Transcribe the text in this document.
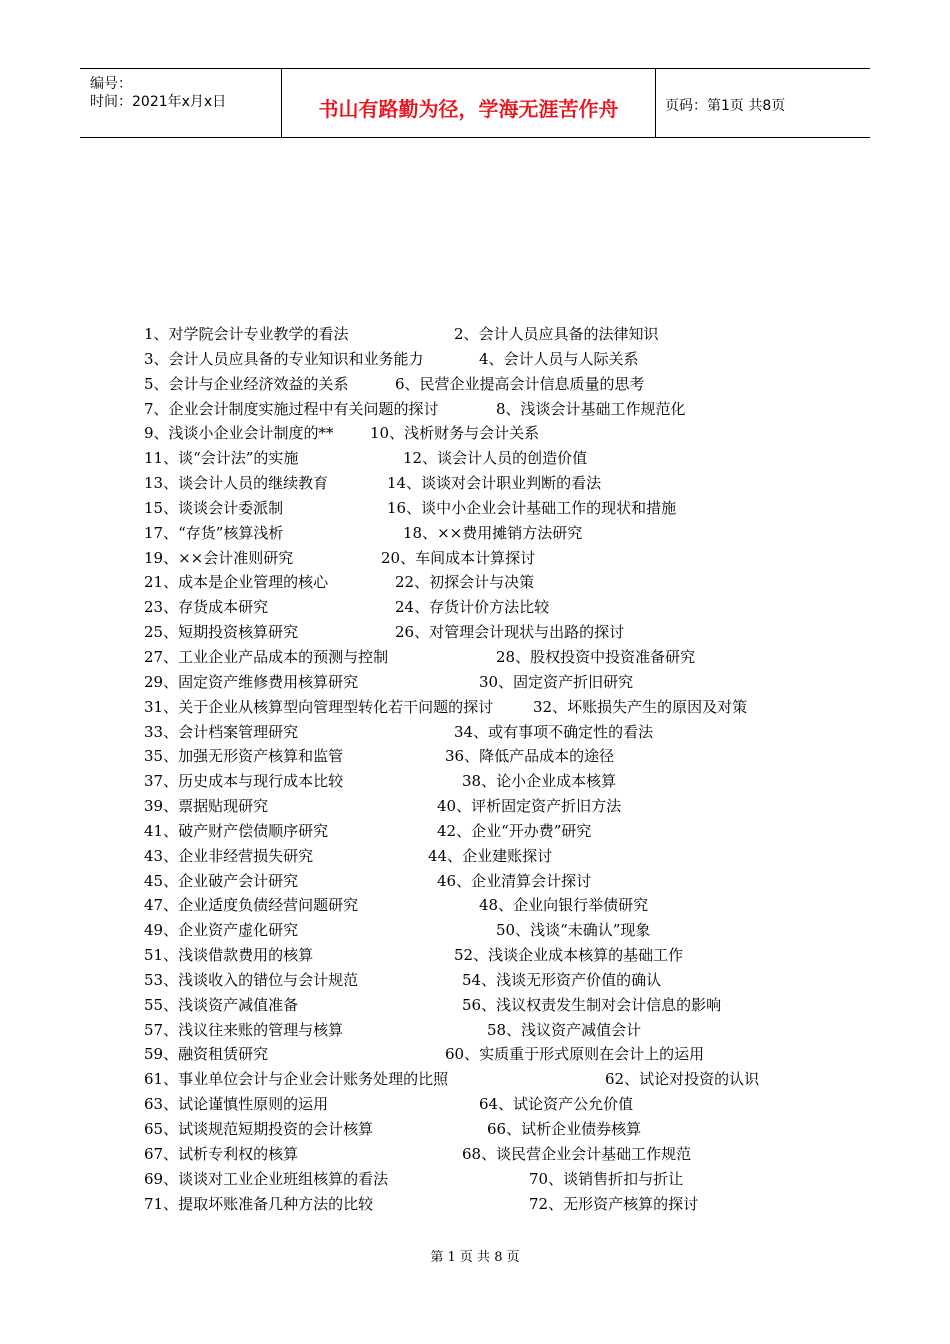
编号：
时间：2021年x月x日	书山有路勤为径，学海无涯苦作舟	页码：第1页 共8页
1、对学院会计专业教学的看法	2、会计人员应具备的法律知识
3、会计人员应具备的专业知识和业务能力	4、会计人员与人际关系
5、会计与企业经济效益的关系	6、民营企业提高会计信息质量的思考
7、企业会计制度实施过程中有关问题的探讨	8、浅谈会计基础工作规范化
9、浅谈小企业会计制度的** 10、浅析财务与会计关系
11、谈“会计法”的实施	12、谈会计人员的创造价值
13、谈会计人员的继续教育	14、谈谈对会计职业判断的看法
15、谈谈会计委派制	16、谈中小企业会计基础工作的现状和措施
17、“存货”核算浅析	18、××费用摊销方法研究
19、××会计准则研究	20、车间成本计算探讨
21、成本是企业管理的核心	22、初探会计与决策
23、存货成本研究	24、存货计价方法比较
25、短期投资核算研究	26、对管理会计现状与出路的探讨
27、工业企业产品成本的预测与控制	28、股权投资中投资准备研究
29、固定资产维修费用核算研究	30、固定资产折旧研究
31、关于企业从核算型向管理型转化若干问题的探讨	32、坏账损失产生的原因及对策
33、会计档案管理研究	34、或有事项不确定性的看法
35、加强无形资产核算和监管	36、降低产品成本的途径
37、历史成本与现行成本比较	38、论小企业成本核算
39、票据贴现研究	40、评析固定资产折旧方法
41、破产财产偿债顺序研究	42、企业“开办费”研究
43、企业非经营损失研究	44、企业建账探讨
45、企业破产会计研究	46、企业清算会计探讨
47、企业适度负债经营问题研究	48、企业向银行举债研究
49、企业资产虚化研究	50、浅谈“未确认”现象
51、浅谈借款费用的核算	52、浅谈企业成本核算的基础工作
53、浅谈收入的错位与会计规范	54、浅谈无形资产价值的确认
55、浅谈资产减值准备	56、浅议权责发生制对会计信息的影响
57、浅议往来账的管理与核算	58、浅议资产减值会计
59、融资租赁研究	60、实质重于形式原则在会计上的运用
61、事业单位会计与企业会计账务处理的比照	62、试论对投资的认识
63、试论谨慎性原则的运用	64、试论资产公允价值
65、试谈规范短期投资的会计核算	66、试析企业债券核算
67、试析专利权的核算	68、谈民营企业会计基础工作规范
69、谈谈对工业企业班组核算的看法	70、谈销售折扣与折让
71、提取坏账准备几种方法的比较	72、无形资产核算的探讨
第 1 页 共 8 页
